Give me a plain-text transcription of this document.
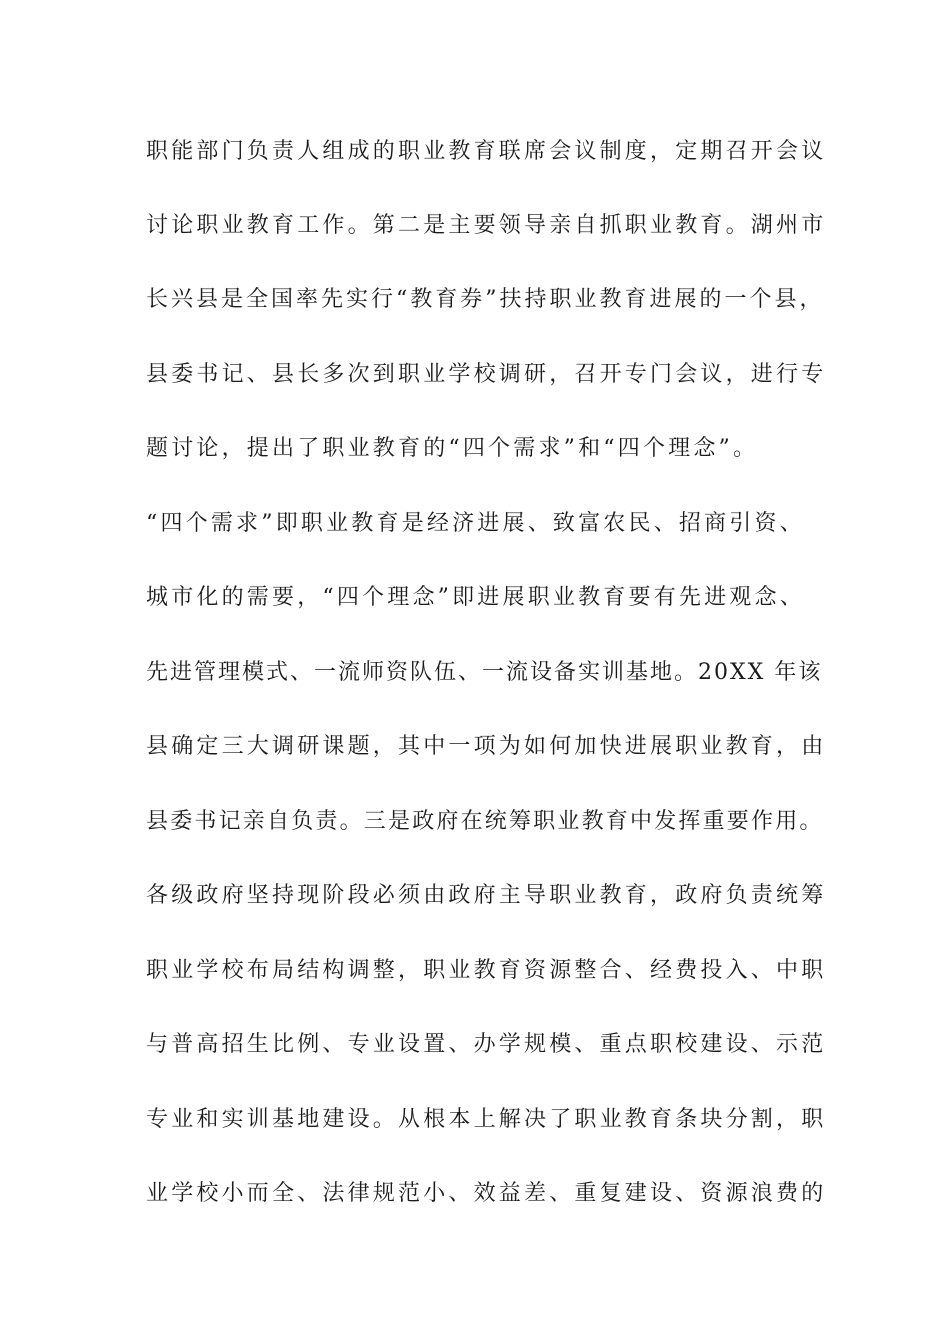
职能部门负责人组成的职业教育联席会议制度，定期召开会议
讨论职业教育工作。第二是主要领导亲自抓职业教育。湖州市
长兴县是全国率先实行“教育券”扶持职业教育进展的一个县，
县委书记、县长多次到职业学校调研，召开专门会议，进行专
题讨论，提出了职业教育的“四个需求”和“四个理念”。
“四个需求”即职业教育是经济进展、致富农民、招商引资、
城市化的需要，“四个理念”即进展职业教育要有先进观念、
先进管理模式、一流师资队伍、一流设备实训基地。20XX 年该
县确定三大调研课题，其中一项为如何加快进展职业教育，由
县委书记亲自负责。三是政府在统筹职业教育中发挥重要作用。
各级政府坚持现阶段必须由政府主导职业教育，政府负责统筹
职业学校布局结构调整，职业教育资源整合、经费投入、中职
与普高招生比例、专业设置、办学规模、重点职校建设、示范
专业和实训基地建设。从根本上解决了职业教育条块分割，职
业学校小而全、法律规范小、效益差、重复建设、资源浪费的
